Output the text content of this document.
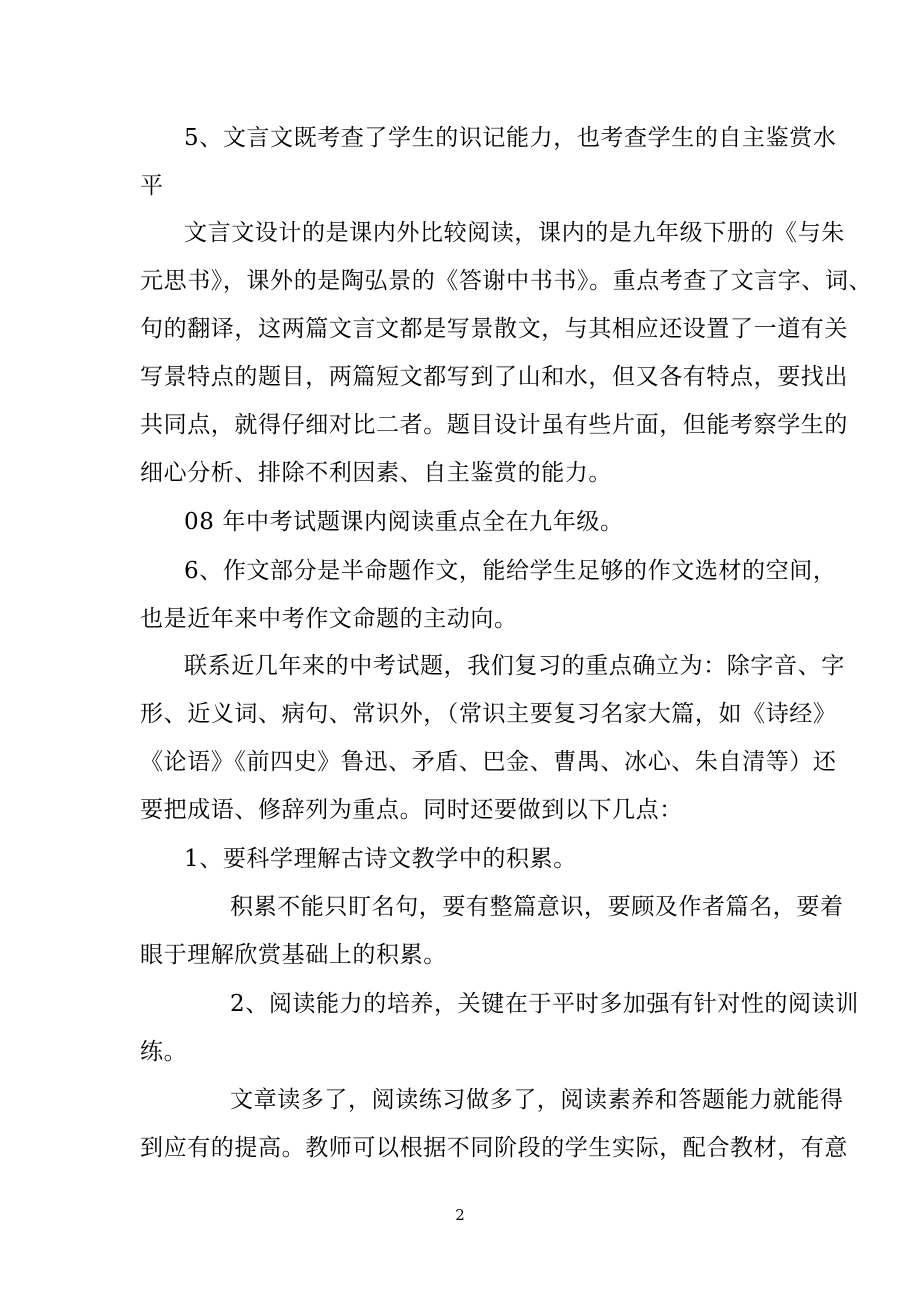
5、文言文既考查了学生的识记能力，也考查学生的自主鉴赏水
平
文言文设计的是课内外比较阅读，课内的是九年级下册的《与朱
元思书》，课外的是陶弘景的《答谢中书书》。重点考查了文言字、词、
句的翻译，这两篇文言文都是写景散文，与其相应还设置了一道有关
写景特点的题目，两篇短文都写到了山和水，但又各有特点，要找出
共同点，就得仔细对比二者。题目设计虽有些片面，但能考察学生的
细心分析、排除不利因素、自主鉴赏的能力。
08 年中考试题课内阅读重点全在九年级。
6、作文部分是半命题作文，能给学生足够的作文选材的空间，
也是近年来中考作文命题的主动向。
联系近几年来的中考试题，我们复习的重点确立为：除字音、字
形、近义词、病句、常识外，（常识主要复习名家大篇，如《诗经》
《论语》《前四史》鲁迅、矛盾、巴金、曹禺、冰心、朱自清等）还
要把成语、修辞列为重点。同时还要做到以下几点：
1、要科学理解古诗文教学中的积累。
积累不能只盯名句，要有整篇意识，要顾及作者篇名，要着
眼于理解欣赏基础上的积累。
2、阅读能力的培养，关键在于平时多加强有针对性的阅读训
练。
文章读多了，阅读练习做多了，阅读素养和答题能力就能得
到应有的提高。教师可以根据不同阶段的学生实际，配合教材，有意
2
